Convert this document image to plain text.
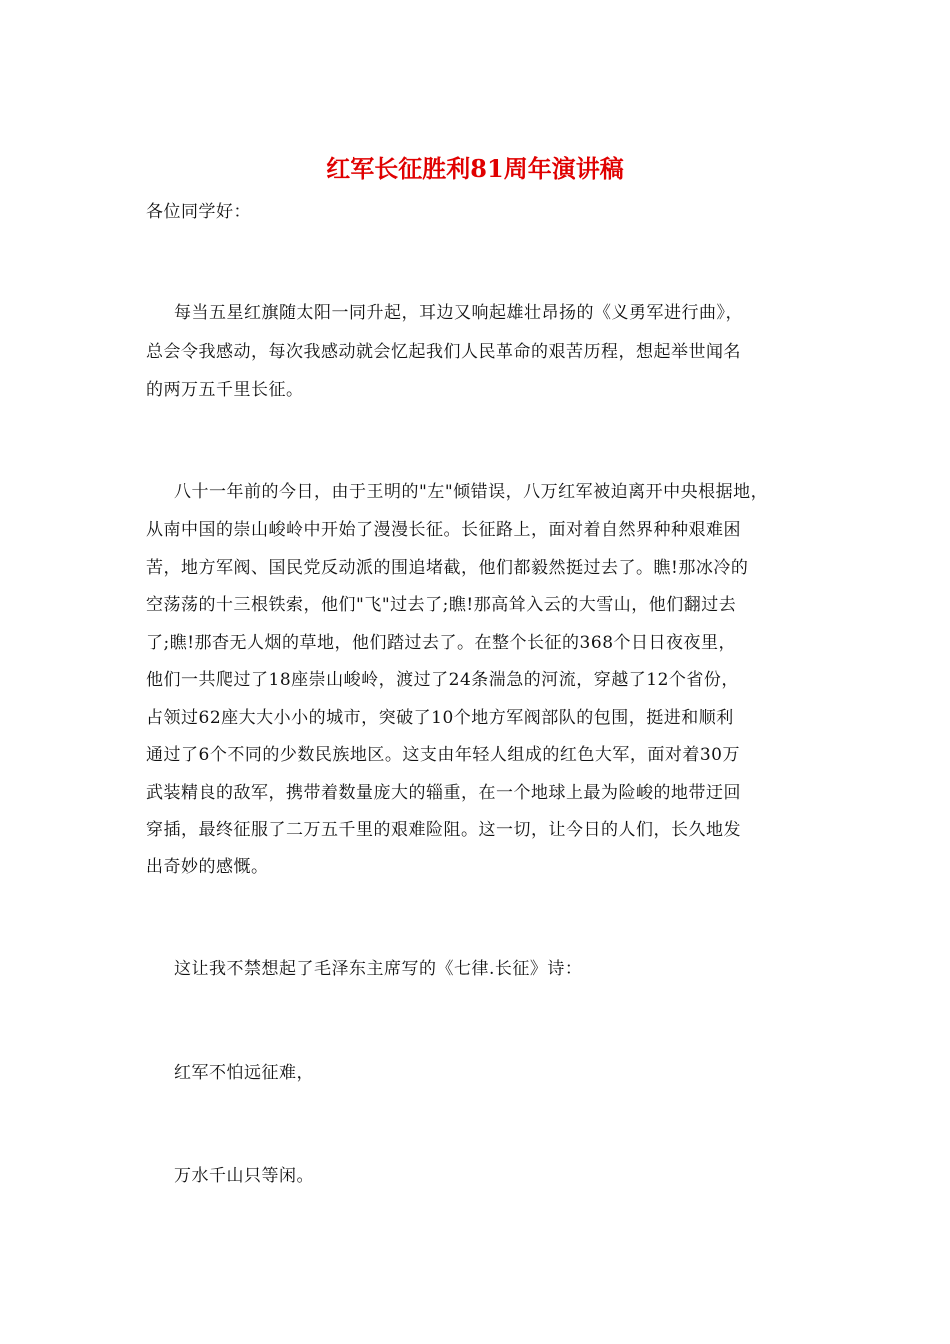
红军长征胜利81周年演讲稿
各位同学好：
每当五星红旗随太阳一同升起，耳边又响起雄壮昂扬的《义勇军进行曲》，
总会令我感动，每次我感动就会忆起我们人民革命的艰苦历程，想起举世闻名
的两万五千里长征。
八十一年前的今日，由于王明的"左"倾错误，八万红军被迫离开中央根据地，
从南中国的崇山峻岭中开始了漫漫长征。长征路上，面对着自然界种种艰难困
苦，地方军阀、国民党反动派的围追堵截，他们都毅然挺过去了。瞧!那冰冷的
空荡荡的十三根铁索，他们"飞"过去了;瞧!那高耸入云的大雪山，他们翻过去
了;瞧!那杳无人烟的草地，他们踏过去了。在整个长征的368个日日夜夜里，
他们一共爬过了18座崇山峻岭，渡过了24条湍急的河流，穿越了12个省份，
占领过62座大大小小的城市，突破了10个地方军阀部队的包围，挺进和顺利
通过了6个不同的少数民族地区。这支由年轻人组成的红色大军，面对着30万
武装精良的敌军，携带着数量庞大的辎重，在一个地球上最为险峻的地带迂回
穿插，最终征服了二万五千里的艰难险阻。这一切，让今日的人们，长久地发
出奇妙的感慨。
这让我不禁想起了毛泽东主席写的《七律.长征》诗：
红军不怕远征难，
万水千山只等闲。
